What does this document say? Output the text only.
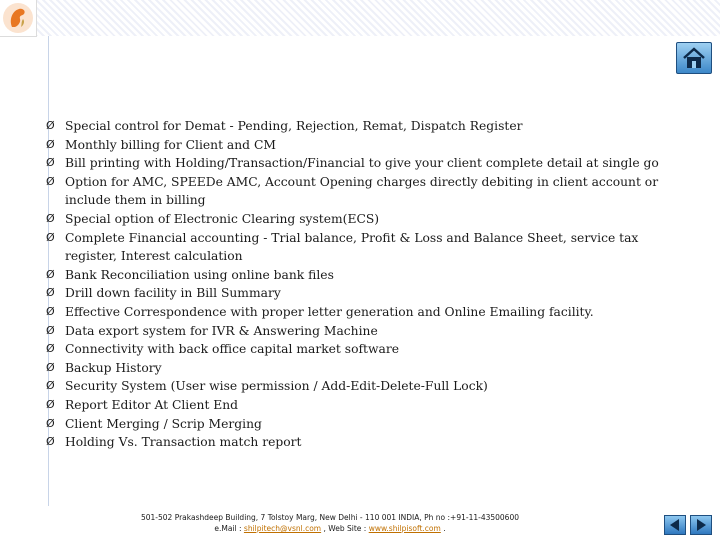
Ø Special control for Demat - Pending, Rejection, Remat, Dispatch Register
Ø Monthly billing for Client and CM
Ø Bill printing with Holding/Transaction/Financial to give your client complete detail at single go
Ø Option for AMC, SPEEDe AMC, Account Opening charges directly debiting in client account or include them in billing
Ø Special option of Electronic Clearing system(ECS)
Ø Complete Financial accounting - Trial balance, Profit & Loss and Balance Sheet, service tax register, Interest calculation
Ø Bank Reconciliation using online bank files
Ø Drill down facility in Bill Summary
Ø Effective Correspondence with proper letter generation and Online Emailing facility.
Ø Data export system for IVR & Answering Machine
Ø Connectivity with back office capital market software
Ø Backup History
Ø Security System (User wise permission / Add-Edit-Delete-Full Lock)
Ø Report Editor At Client End
Ø Client Merging / Scrip Merging
Ø Holding Vs. Transaction match report
501-502 Prakashdeep Building, 7 Tolstoy Marg, New Delhi - 110 001 INDIA, Ph no :+91-11-43500600
e.Mail : shilpitech@vsnl.com , Web Site : www.shilpisoft.com .
